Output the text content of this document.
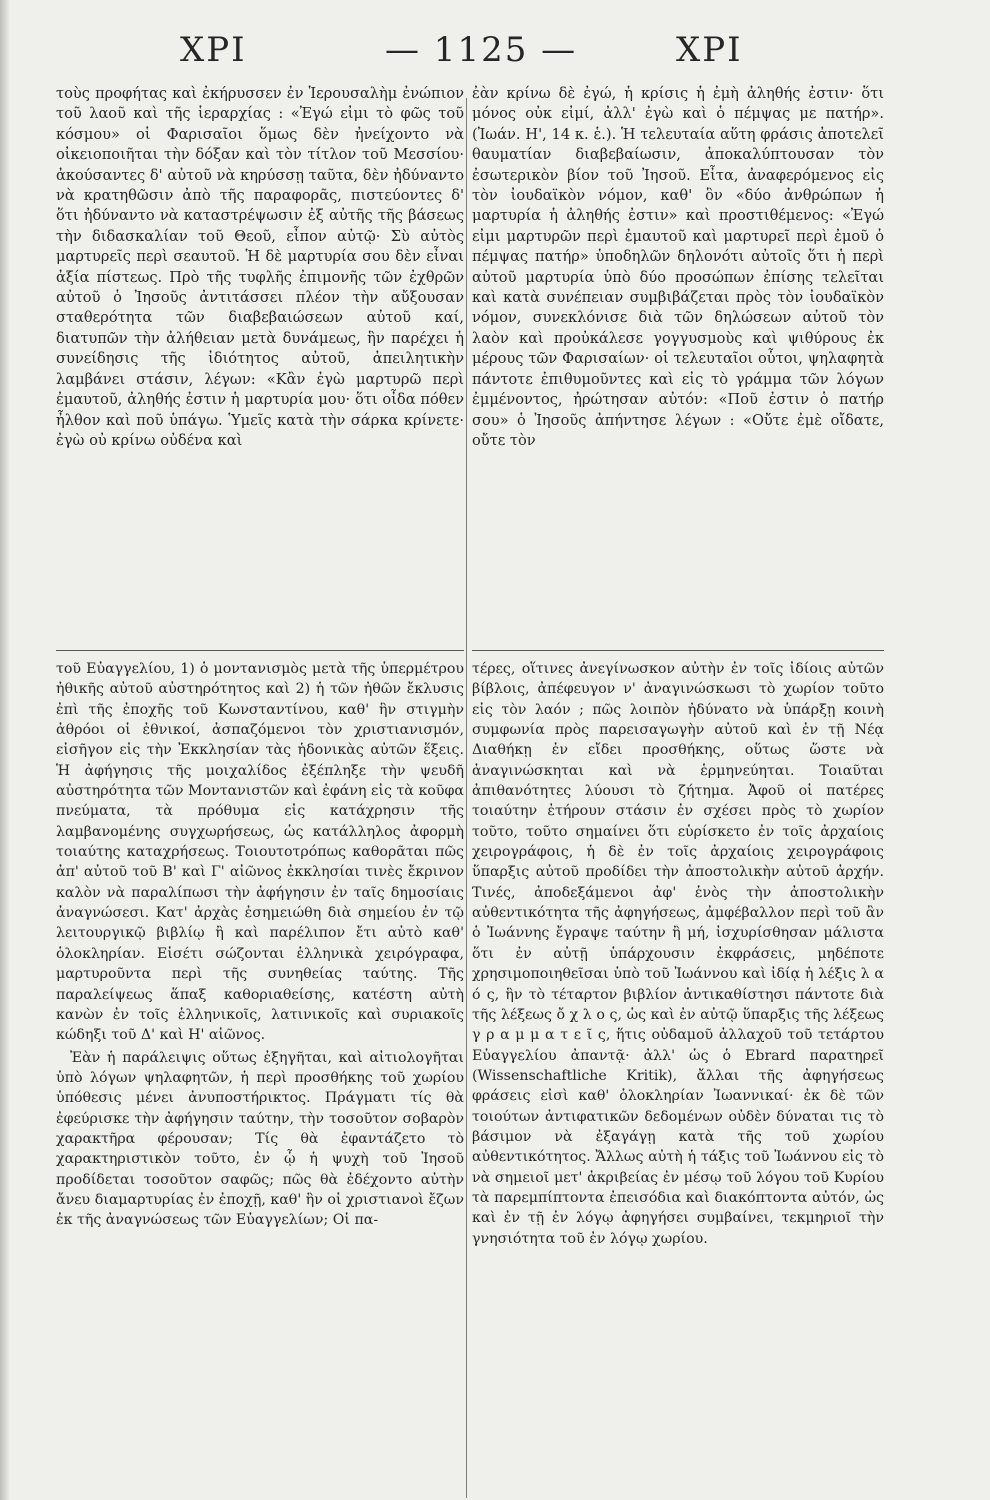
ΧΡΙ	— 1125 —	ΧΡΙ

τοὺς προφήτας καὶ ἐκήρυσσεν ἐν Ἱερουσαλὴμ ἐνώπιον τοῦ λαοῦ καὶ τῆς ἱεραρχίας : «Ἐγώ εἰμι τὸ φῶς τοῦ κόσμου» οἱ Φαρισαῖοι ὅμως δὲν ἠνείχοντο νὰ οἰκειοποιῆται τὴν δόξαν καὶ τὸν τίτλον τοῦ Μεσσίου· ἀκούσαντες δ' αὐτοῦ νὰ κηρύσσῃ ταῦτα, δὲν ἠδύναντο νὰ κρατηθῶσιν ἀπὸ τῆς παραφορᾶς, πιστεύοντες δ' ὅτι ἠδύναντο νὰ καταστρέψωσιν ἐξ αὐτῆς τῆς βάσεως τὴν διδασκαλίαν τοῦ Θεοῦ, εἶπον αὐτῷ· Σὺ αὐτὸς μαρτυρεῖς περὶ σεαυτοῦ. Ἡ δὲ μαρτυρία σου δὲν εἶναι ἀξία πίστεως. Πρὸ τῆς τυφλῆς ἐπιμονῆς τῶν ἐχθρῶν αὐτοῦ ὁ Ἰησοῦς ἀντιτάσσει πλέον τὴν αὔξουσαν σταθερότητα τῶν διαβεβαιώσεων αὐτοῦ καί, διατυπῶν τὴν ἀλήθειαν μετὰ δυνάμεως, ἣν παρέχει ἡ συνείδησις τῆς ἰδιότητος αὐτοῦ, ἀπειλητικὴν λαμβάνει στάσιν, λέγων: «Κἂν ἐγὼ μαρτυρῶ περὶ ἐμαυτοῦ, ἀληθής ἐστιν ἡ μαρτυρία μου· ὅτι οἶδα πόθεν ἦλθον καὶ ποῦ ὑπάγω. Ὑμεῖς κατὰ τὴν σάρκα κρίνετε· ἐγὼ οὐ κρίνω οὐδένα καὶ

τοῦ Εὐαγγελίου, 1) ὁ μοντανισμὸς μετὰ τῆς ὑπερμέτρου ἠθικῆς αὐτοῦ αὐστηρότητος καὶ 2) ἡ τῶν ἠθῶν ἔκλυσις ἐπὶ τῆς ἐποχῆς τοῦ Κωνσταντίνου, καθ' ἣν στιγμὴν ἀθρόοι οἱ ἐθνικοί, ἀσπαζόμενοι τὸν χριστιανισμόν, εἰσῆγον εἰς τὴν Ἐκκλησίαν τὰς ἡδονικὰς αὐτῶν ἕξεις. Ἡ ἀφήγησις τῆς μοιχαλίδος ἐξέπληξε τὴν ψευδῆ αὐστηρότητα τῶν Μοντανιστῶν καὶ ἐφάνη εἰς τὰ κοῦφα πνεύματα, τὰ πρόθυμα εἰς κατάχρησιν τῆς λαμβανομένης συγχωρήσεως, ὡς κατάλληλος ἀφορμὴ τοιαύτης καταχρήσεως. Τοιουτοτρόπως καθορᾶται πῶς ἀπ' αὐτοῦ τοῦ Β' καὶ Γ' αἰῶνος ἐκκλησίαι τινὲς ἔκρινον καλὸν νὰ παραλίπωσι τὴν ἀφήγησιν ἐν ταῖς δημοσίαις ἀναγνώσεσι. Κατ' ἀρχὰς ἐσημειώθη διὰ σημείου ἐν τῷ λειτουργικῷ βιβλίῳ ἢ καὶ παρέλιπον ἔτι αὐτὸ καθ' ὁλοκληρίαν. Εἰσέτι σώζονται ἑλληνικὰ χειρόγραφα, μαρτυροῦντα περὶ τῆς συνηθείας ταύτης. Τῆς παραλείψεως ἅπαξ καθοριαθείσης, κατέστη αὐτὴ κανὼν ἐν τοῖς ἑλληνικοῖς, λατινικοῖς καὶ συριακοῖς κώδηξι τοῦ Δ' καὶ Η' αἰῶνος.

Ἐὰν ἡ παράλειψις οὕτως ἐξηγῆται, καὶ αἰτιολογῆται ὑπὸ λόγων ψηλαφητῶν, ἡ περὶ προσθήκης τοῦ χωρίου ὑπόθεσις μένει ἀνυποστήρικτος. Πράγματι τίς θὰ ἐφεύρισκε τὴν ἀφήγησιν ταύτην, τὴν τοσοῦτον σοβαρὸν χαρακτῆρα φέρουσαν; Τίς θὰ ἐφαντάζετο τὸ χαρακτηριστικὸν τοῦτο, ἐν ᾧ ἡ ψυχὴ τοῦ Ἰησοῦ προδίδεται τοσοῦτον σαφῶς; πῶς θὰ ἐδέχοντο αὐτὴν ἄνευ διαμαρτυρίας ἐν ἐποχῇ, καθ' ἣν οἱ χριστιανοὶ ἔζων ἐκ τῆς ἀναγνώσεως τῶν Εὐαγγελίων; Οἱ πα-

ἐὰν κρίνω δὲ ἐγώ, ἡ κρίσις ἡ ἐμὴ ἀληθής ἐστιν· ὅτι μόνος οὐκ εἰμί, ἀλλ' ἐγὼ καὶ ὁ πέμψας με πατήρ». (Ἰωάν. Η', 14 κ. ἑ.). Ἡ τελευταία αὕτη φράσις ἀποτελεῖ θαυματίαν διαβεβαίωσιν, ἀποκαλύπτουσαν τὸν ἐσωτερικὸν βίον τοῦ Ἰησοῦ. Εἶτα, ἀναφερόμενος εἰς τὸν ἰουδαϊκὸν νόμον, καθ' ὃν «δύο ἀνθρώπων ἡ μαρτυρία ἡ ἀληθής ἐστιν» καὶ προστιθέμενος: «Ἐγώ εἰμι μαρτυρῶν περὶ ἐμαυτοῦ καὶ μαρτυρεῖ περὶ ἐμοῦ ὁ πέμψας πατήρ» ὑποδηλῶν δηλονότι αὐτοῖς ὅτι ἡ περὶ αὐτοῦ μαρτυρία ὑπὸ δύο προσώπων ἐπίσης τελεῖται καὶ κατὰ συνέπειαν συμβιβάζεται πρὸς τὸν ἰουδαϊκὸν νόμον, συνεκλόνισε διὰ τῶν δηλώσεων αὐτοῦ τὸν λαὸν καὶ προὐκάλεσε γογγυσμοὺς καὶ ψιθύρους ἐκ μέρους τῶν Φαρισαίων· οἱ τελευταῖοι οὗτοι, ψηλαφητὰ πάντοτε ἐπιθυμοῦντες καὶ εἰς τὸ γράμμα τῶν λόγων ἐμμένοντος, ἠρώτησαν αὐτόν: «Ποῦ ἐστιν ὁ πατήρ σου» ὁ Ἰησοῦς ἀπήντησε λέγων : «Οὔτε ἐμὲ οἴδατε, οὔτε τὸν

τέρες, οἵτινες ἀνεγίνωσκον αὐτὴν ἐν τοῖς ἰδίοις αὐτῶν βίβλοις, ἀπέφευγον ν' ἀναγινώσκωσι τὸ χωρίον τοῦτο εἰς τὸν λαόν ; πῶς λοιπὸν ἠδύνατο νὰ ὑπάρξῃ κοινὴ συμφωνία πρὸς παρεισαγωγὴν αὐτοῦ καὶ ἐν τῇ Νέᾳ Διαθήκῃ ἐν εἴδει προσθήκης, οὕτως ὥστε νὰ ἀναγινώσκηται καὶ νὰ ἑρμηνεύηται. Τοιαῦται ἀπιθανότητες λύουσι τὸ ζήτημα. Ἀφοῦ οἱ πατέρες τοιαύτην ἐτήρουν στάσιν ἐν σχέσει πρὸς τὸ χωρίον τοῦτο, τοῦτο σημαίνει ὅτι εὑρίσκετο ἐν τοῖς ἀρχαίοις χειρογράφοις, ἡ δὲ ἐν τοῖς ἀρχαίοις χειρογράφοις ὕπαρξις αὐτοῦ προδίδει τὴν ἀποστολικὴν αὐτοῦ ἀρχήν. Τινές, ἀποδεξάμενοι ἀφ' ἑνὸς τὴν ἀποστολικὴν αὐθεντικότητα τῆς ἀφηγήσεως, ἀμφέβαλλον περὶ τοῦ ἂν ὁ Ἰωάννης ἔγραψε ταύτην ἢ μή, ἰσχυρίσθησαν μάλιστα ὅτι ἐν αὐτῇ ὑπάρχουσιν ἐκφράσεις, μηδέποτε χρησιμοποιηθεῖσαι ὑπὸ τοῦ Ἰωάννου καὶ ἰδίᾳ ἡ λέξις λ α ό ς, ἣν τὸ τέταρτον βιβλίον ἀντικαθίστησι πάντοτε διὰ τῆς λέξεως ὄ χ λ ο ς, ὡς καὶ ἐν αὐτῷ ὕπαρξις τῆς λέξεως γ ρ α μ μ α τ ε ῖ ς, ἥτις οὐδαμοῦ ἀλλαχοῦ τοῦ τετάρτου Εὐαγγελίου ἀπαντᾷ· ἀλλ' ὡς ὁ Ebrard παρατηρεῖ (Wissenschaftliche Kritik), ἄλλαι τῆς ἀφηγήσεως φράσεις εἰσὶ καθ' ὁλοκληρίαν Ἰωαννικαί· ἐκ δὲ τῶν τοιούτων ἀντιφατικῶν δεδομένων οὐδὲν δύναται τις τὸ βάσιμον νὰ ἐξαγάγῃ κατὰ τῆς τοῦ χωρίου αὐθεντικότητος. Ἄλλως αὐτὴ ἡ τάξις τοῦ Ἰωάννου εἰς τὸ νὰ σημειοῖ μετ' ἀκριβείας ἐν μέσῳ τοῦ λόγου τοῦ Κυρίου τὰ παρεμπίπτοντα ἐπεισόδια καὶ διακόπτοντα αὐτόν, ὡς καὶ ἐν τῇ ἐν λόγῳ ἀφηγήσει συμβαίνει, τεκμηριοῖ τὴν γνησιότητα τοῦ ἐν λόγῳ χωρίου.
